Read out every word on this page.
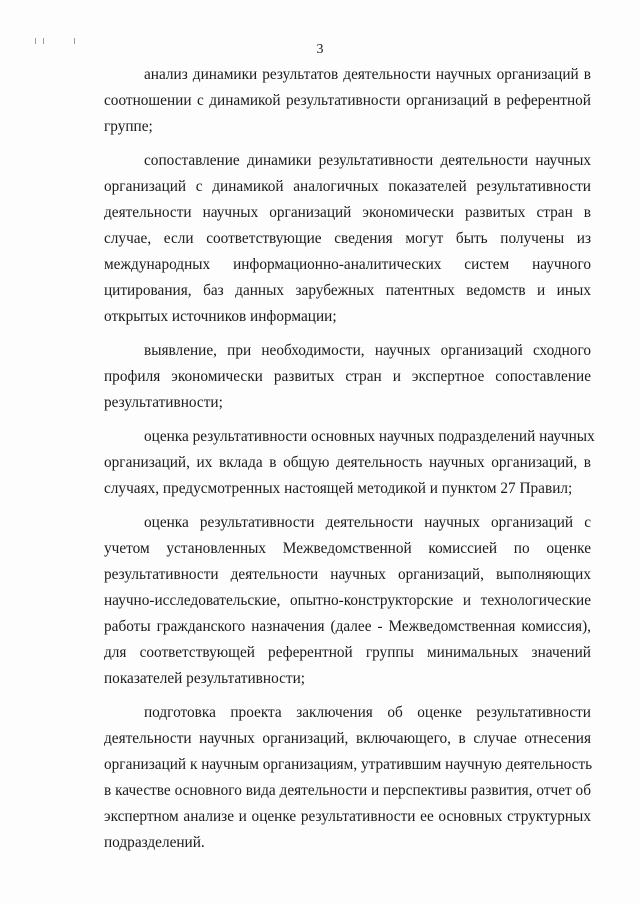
3

анализ динамики результатов деятельности научных организаций в
соотношении с динамикой результативности организаций в референтной
группе;

сопоставление динамики результативности деятельности научных
организаций с динамикой аналогичных показателей результативности
деятельности научных организаций экономически развитых стран в
случае, если соответствующие сведения могут быть получены из
международных информационно-аналитических систем научного
цитирования, баз данных зарубежных патентных ведомств и иных
открытых источников информации;

выявление, при необходимости, научных организаций сходного
профиля экономически развитых стран и экспертное сопоставление
результативности;

оценка результативности основных научных подразделений научных
организаций, их вклада в общую деятельность научных организаций, в
случаях, предусмотренных настоящей методикой и пунктом 27 Правил;

оценка результативности деятельности научных организаций с
учетом установленных Межведомственной комиссией по оценке
результативности деятельности научных организаций, выполняющих
научно-исследовательские, опытно-конструкторские и технологические
работы гражданского назначения (далее - Межведомственная комиссия),
для соответствующей референтной группы минимальных значений
показателей результативности;

подготовка проекта заключения об оценке результативности
деятельности научных организаций, включающего, в случае отнесения
организаций к научным организациям, утратившим научную деятельность
в качестве основного вида деятельности и перспективы развития, отчет об
экспертном анализе и оценке результативности ее основных структурных
подразделений.
